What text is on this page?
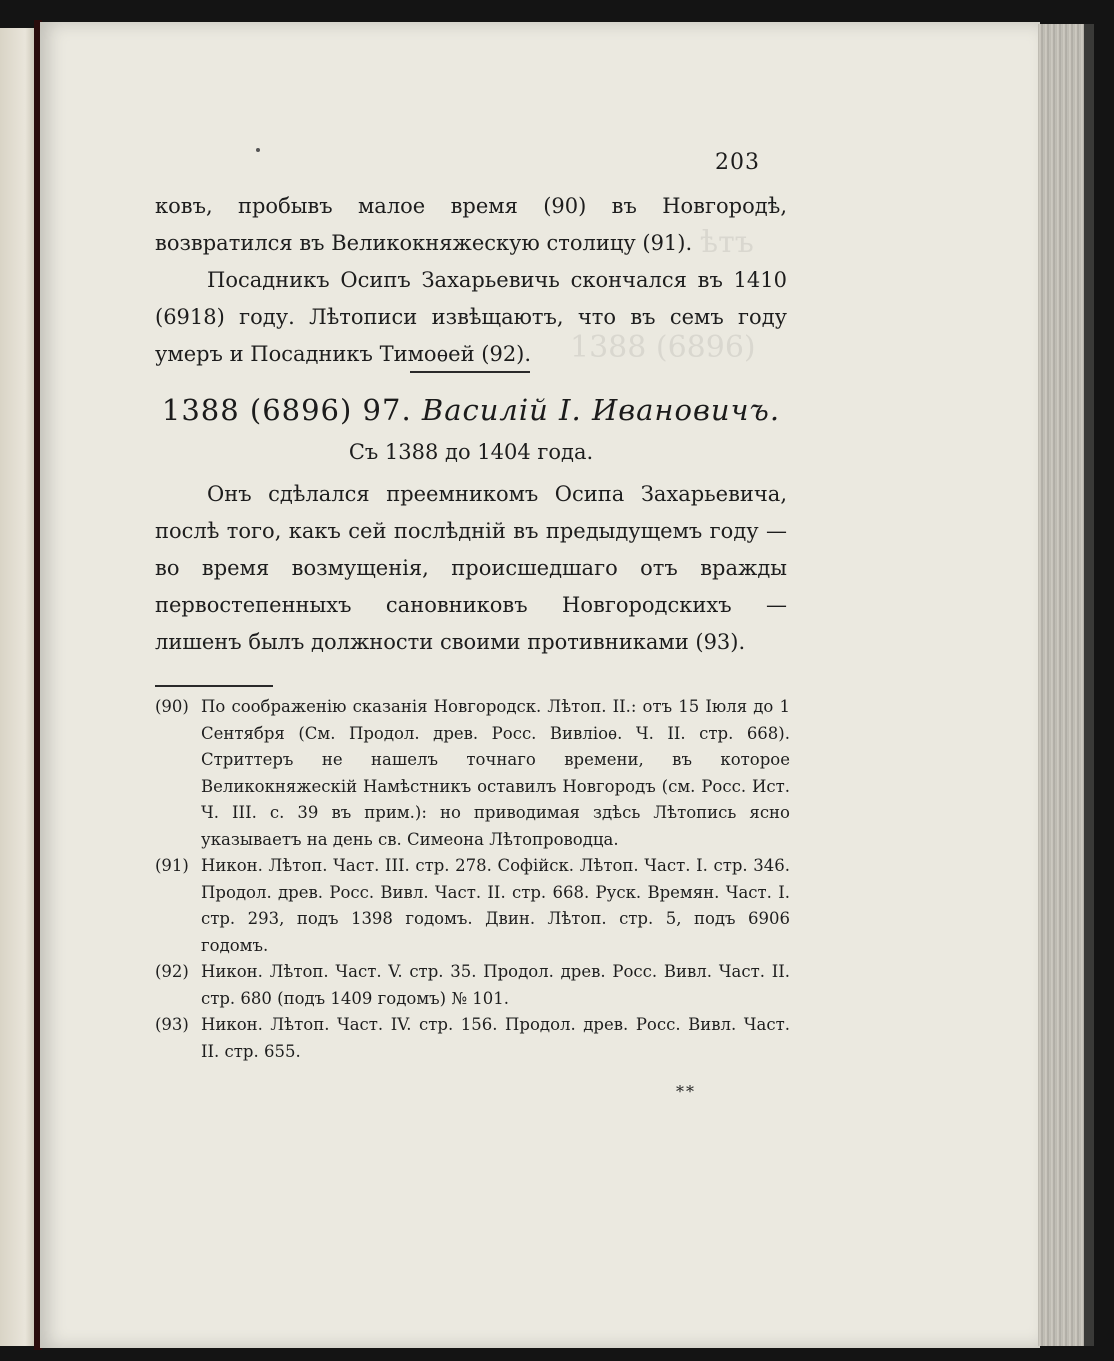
203

ковъ, пробывъ малое время (90) въ Новгородѣ, возвратился въ Великокняжескую столицу (91).

Посадникъ Осипъ Захарьевичь скончался въ 1410 (6918) году. Лѣтописи извѣщаютъ, что въ семъ году умеръ и Посадникъ Тимоѳей (92).

1388 (6896) 97. Василій I. Ивановичъ.
Съ 1388 до 1404 года.

Онъ сдѣлался преемникомъ Осипа Захарьевича, послѣ того, какъ сей послѣдній въ предыдущемъ году — во время возмущенія, происшедшаго отъ вражды первостепенныхъ сановниковъ Новгородскихъ — лишенъ былъ должности своими противниками (93).

(90) По соображенію сказанія Новгородск. Лѣтоп. II.: отъ 15 Іюля до 1 Сентября (См. Продол. древ. Росс. Вивліоѳ. Ч. II. стр. 668). Стриттеръ не нашелъ точнаго времени, въ которое Великокняжескій Намѣстникъ оставилъ Новгородъ (см. Росс. Ист. Ч. III. с. 39 въ прим.): но приводимая здѣсь Лѣтопись ясно указываетъ на день св. Симеона Лѣтопроводца.

(91) Никон. Лѣтоп. Част. III. стр. 278. Софійск. Лѣтоп. Част. I. стр. 346. Продол. древ. Росс. Вивл. Част. II. стр. 668. Руск. Времян. Част. I. стр. 293, подъ 1398 годомъ. Двин. Лѣтоп. стр. 5, подъ 6906 годомъ.

(92) Никон. Лѣтоп. Част. V. стр. 35. Продол. древ. Росс. Вивл. Част. II. стр. 680 (подъ 1409 годомъ) № 101.

(93) Никон. Лѣтоп. Част. IV. стр. 156. Продол. древ. Росс. Вивл. Част. II. стр. 655.

**
